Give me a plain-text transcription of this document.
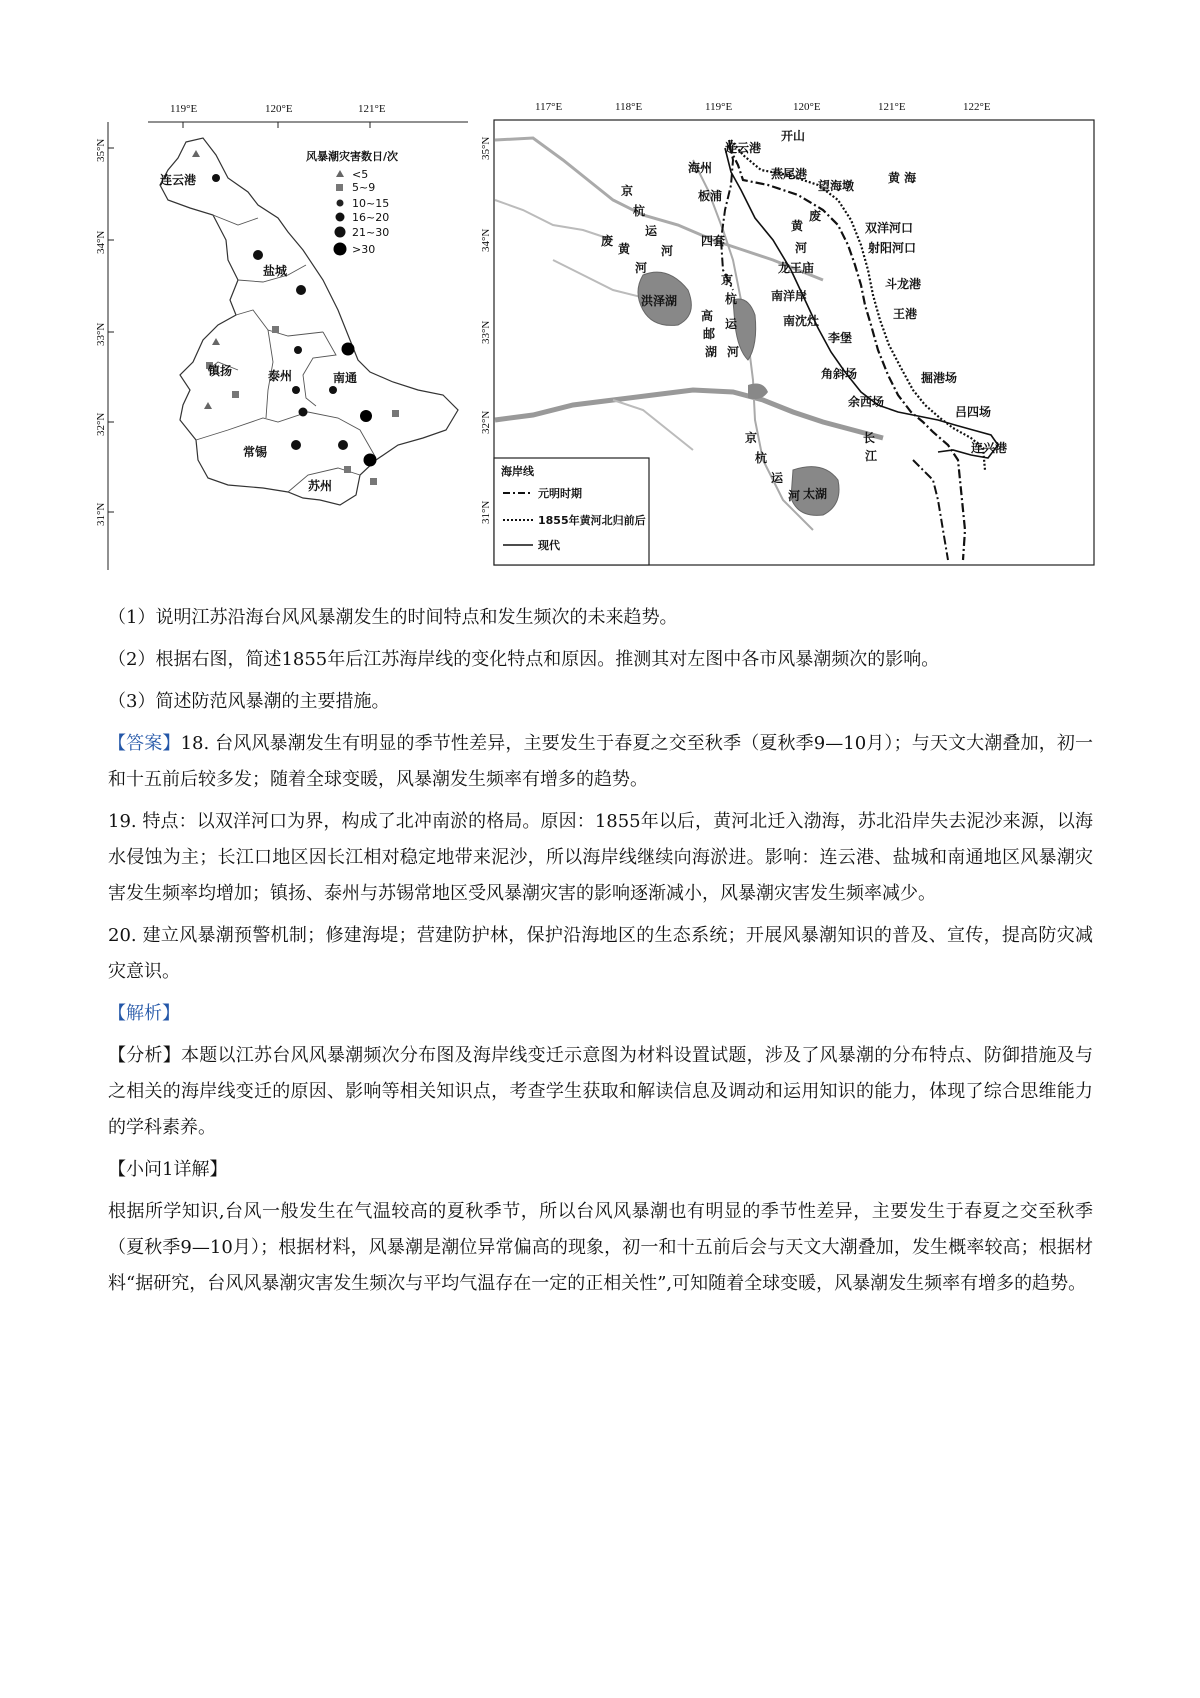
119°E	120°E	121°E
35°N
34°N
33°N
32°N
31°N
风暴潮灾害数日/次
<5
5~9
10~15
16~20
21~30
>30
连云港
盐城
镇扬	泰州	南通
常锡
苏州
117°E	118°E	119°E	120°E	121°E	122°E
35°N
34°N
33°N
32°N
31°N
连云港
开山
海州	燕尾港
望海墩
黄 海
板浦
双洋河口
射阳河口
四套
龙王庙
斗龙港
南洋岸
王港
南沈灶
李堡
角斜场	掘港场
余西场
吕四场
连兴港
洪泽湖
太湖
长
江
京
杭
运
河
废
黄
河
黄
废
河
京
杭
高
邮
湖
运
河
京
杭
运
河
海岸线
元明时期
1855年黄河北归前后
现代

（1）说明江苏沿海台风风暴潮发生的时间特点和发生频次的未来趋势。

（2）根据右图，简述1855年后江苏海岸线的变化特点和原因。推测其对左图中各市风暴潮频次的影响。

（3）简述防范风暴潮的主要措施。

【答案】18. 台风风暴潮发生有明显的季节性差异，主要发生于春夏之交至秋季（夏秋季9—10月）；与天文大潮叠加，初一和十五前后较多发；随着全球变暖，风暴潮发生频率有增多的趋势。

19. 特点：以双洋河口为界，构成了北冲南淤的格局。原因：1855年以后，黄河北迁入渤海，苏北沿岸失去泥沙来源，以海水侵蚀为主；长江口地区因长江相对稳定地带来泥沙，所以海岸线继续向海淤进。影响：连云港、盐城和南通地区风暴潮灾害发生频率均增加；镇扬、泰州与苏锡常地区受风暴潮灾害的影响逐渐减小，风暴潮灾害发生频率减少。

20. 建立风暴潮预警机制；修建海堤；营建防护林，保护沿海地区的生态系统；开展风暴潮知识的普及、宣传，提高防灾减灾意识。

【解析】

【分析】本题以江苏台风风暴潮频次分布图及海岸线变迁示意图为材料设置试题，涉及了风暴潮的分布特点、防御措施及与之相关的海岸线变迁的原因、影响等相关知识点，考查学生获取和解读信息及调动和运用知识的能力，体现了综合思维能力的学科素养。

【小问1详解】

根据所学知识,台风一般发生在气温较高的夏秋季节，所以台风风暴潮也有明显的季节性差异，主要发生于春夏之交至秋季（夏秋季9—10月）；根据材料，风暴潮是潮位异常偏高的现象，初一和十五前后会与天文大潮叠加，发生概率较高；根据材料“据研究，台风风暴潮灾害发生频次与平均气温存在一定的正相关性”,可知随着全球变暖，风暴潮发生频率有增多的趋势。
